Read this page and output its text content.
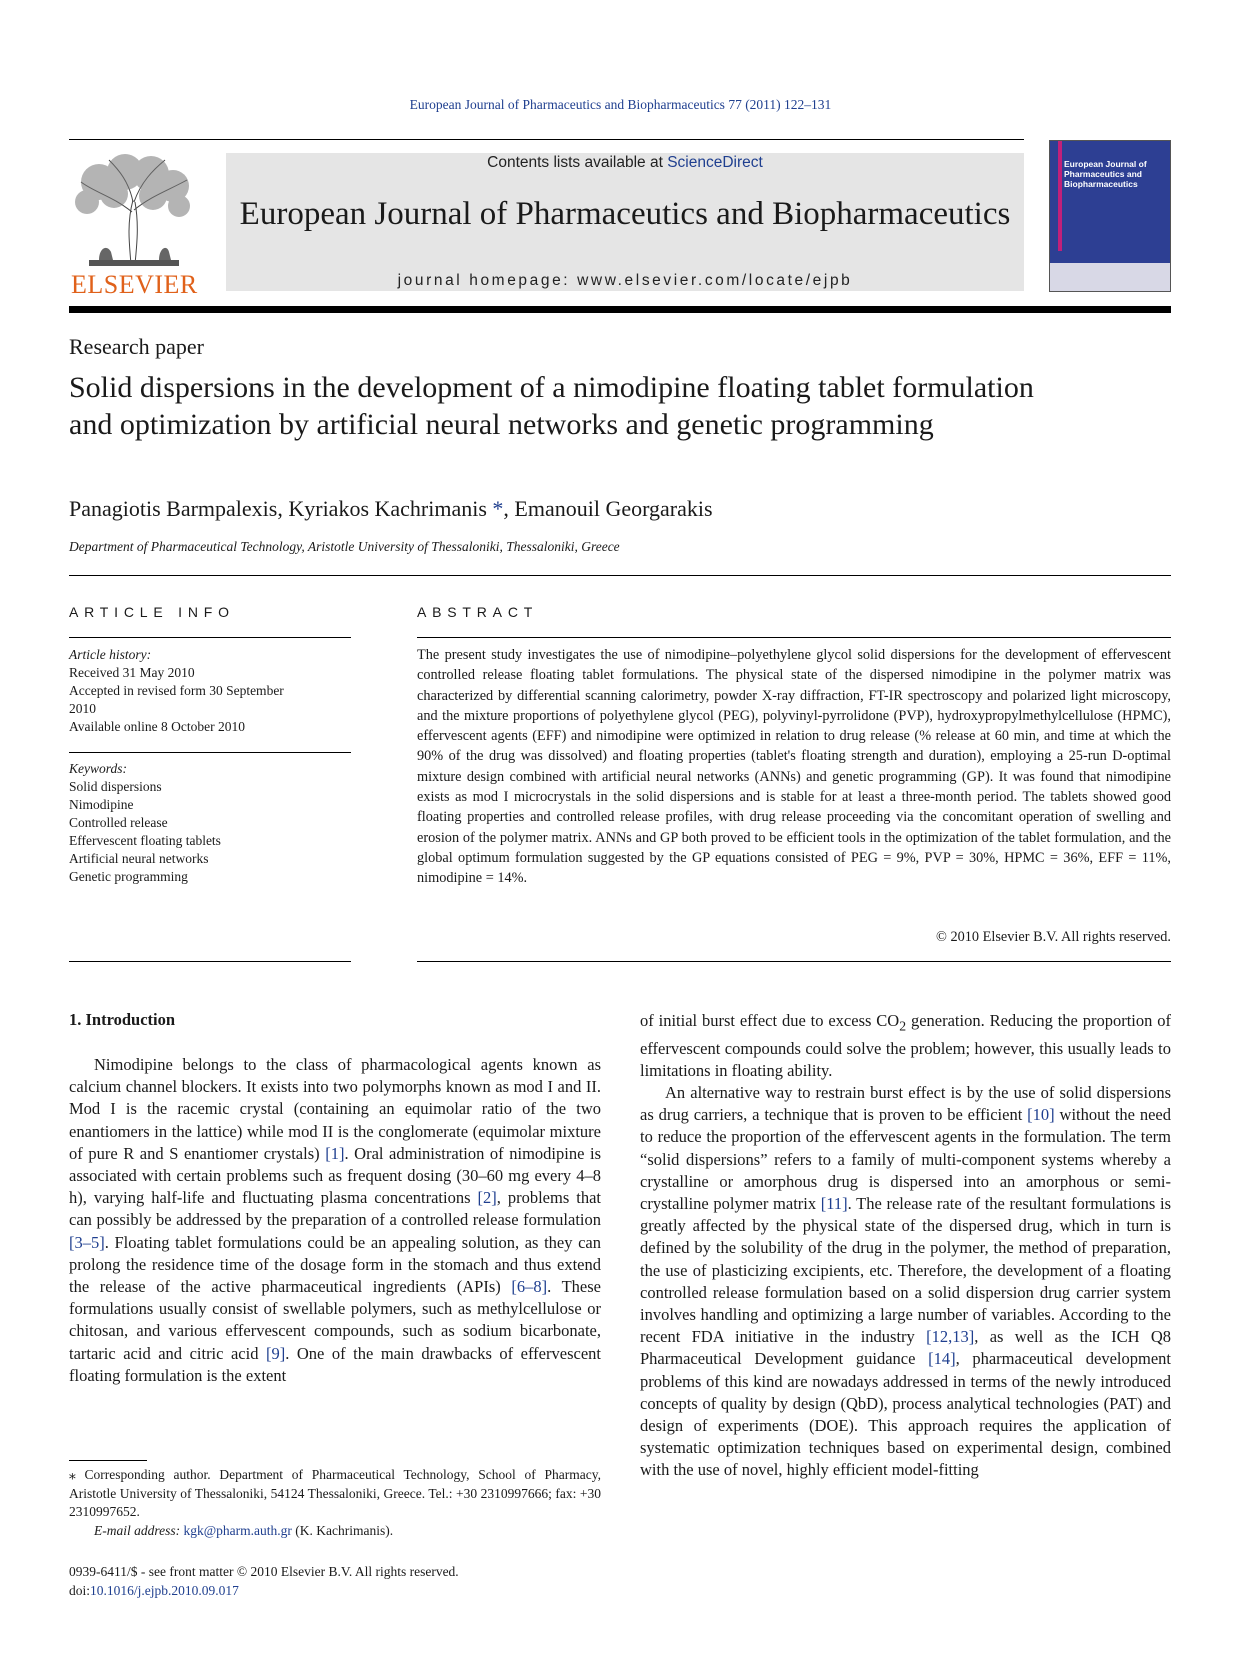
European Journal of Pharmaceutics and Biopharmaceutics 77 (2011) 122–131
ELSEVIER
Contents lists available at ScienceDirect
European Journal of Pharmaceutics and Biopharmaceutics
journal homepage: www.elsevier.com/locate/ejpb
European Journal of Pharmaceutics and Biopharmaceutics
Research paper
Solid dispersions in the development of a nimodipine floating tablet formulation and optimization by artificial neural networks and genetic programming
Panagiotis Barmpalexis, Kyriakos Kachrimanis *, Emanouil Georgarakis
Department of Pharmaceutical Technology, Aristotle University of Thessaloniki, Thessaloniki, Greece
ARTICLE INFO
Article history:
Received 31 May 2010
Accepted in revised form 30 September
2010
Available online 8 October 2010
Keywords:
Solid dispersions
Nimodipine
Controlled release
Effervescent floating tablets
Artificial neural networks
Genetic programming
ABSTRACT
The present study investigates the use of nimodipine–polyethylene glycol solid dispersions for the development of effervescent controlled release floating tablet formulations. The physical state of the dispersed nimodipine in the polymer matrix was characterized by differential scanning calorimetry, powder X-ray diffraction, FT-IR spectroscopy and polarized light microscopy, and the mixture proportions of polyethylene glycol (PEG), polyvinyl-pyrrolidone (PVP), hydroxypropylmethylcellulose (HPMC), effervescent agents (EFF) and nimodipine were optimized in relation to drug release (% release at 60 min, and time at which the 90% of the drug was dissolved) and floating properties (tablet's floating strength and duration), employing a 25-run D-optimal mixture design combined with artificial neural networks (ANNs) and genetic programming (GP). It was found that nimodipine exists as mod I microcrystals in the solid dispersions and is stable for at least a three-month period. The tablets showed good floating properties and controlled release profiles, with drug release proceeding via the concomitant operation of swelling and erosion of the polymer matrix. ANNs and GP both proved to be efficient tools in the optimization of the tablet formulation, and the global optimum formulation suggested by the GP equations consisted of PEG = 9%, PVP = 30%, HPMC = 36%, EFF = 11%, nimodipine = 14%.
© 2010 Elsevier B.V. All rights reserved.
1. Introduction

Nimodipine belongs to the class of pharmacological agents known as calcium channel blockers. It exists into two polymorphs known as mod I and II. Mod I is the racemic crystal (containing an equimolar ratio of the two enantiomers in the lattice) while mod II is the conglomerate (equimolar mixture of pure R and S enantiomer crystals) [1]. Oral administration of nimodipine is associated with certain problems such as frequent dosing (30–60 mg every 4–8 h), varying half-life and fluctuating plasma concentrations [2], problems that can possibly be addressed by the preparation of a controlled release formulation [3–5]. Floating tablet formulations could be an appealing solution, as they can prolong the residence time of the dosage form in the stomach and thus extend the release of the active pharmaceutical ingredients (APIs) [6–8]. These formulations usually consist of swellable polymers, such as methylcellulose or chitosan, and various effervescent compounds, such as sodium bicarbonate, tartaric acid and citric acid [9]. One of the main drawbacks of effervescent floating formulation is the extent

of initial burst effect due to excess $CO_2$ generation. Reducing the proportion of effervescent compounds could solve the problem; however, this usually leads to limitations in floating ability.

An alternative way to restrain burst effect is by the use of solid dispersions as drug carriers, a technique that is proven to be efficient [10] without the need to reduce the proportion of the effervescent agents in the formulation. The term “solid dispersions” refers to a family of multi-component systems whereby a crystalline or amorphous drug is dispersed into an amorphous or semi-crystalline polymer matrix [11]. The release rate of the resultant formulations is greatly affected by the physical state of the dispersed drug, which in turn is defined by the solubility of the drug in the polymer, the method of preparation, the use of plasticizing excipients, etc. Therefore, the development of a floating controlled release formulation based on a solid dispersion drug carrier system involves handling and optimizing a large number of variables. According to the recent FDA initiative in the industry [12,13], as well as the ICH Q8 Pharmaceutical Development guidance [14], pharmaceutical development problems of this kind are nowadays addressed in terms of the newly introduced concepts of quality by design (QbD), process analytical technologies (PAT) and design of experiments (DOE). This approach requires the application of systematic optimization techniques based on experimental design, combined with the use of novel, highly efficient model-fitting

⁎ Corresponding author. Department of Pharmaceutical Technology, School of Pharmacy, Aristotle University of Thessaloniki, 54124 Thessaloniki, Greece. Tel.: +30 2310997666; fax: +30 2310997652.
E-mail address: kgk@pharm.auth.gr (K. Kachrimanis).
0939-6411/$ - see front matter © 2010 Elsevier B.V. All rights reserved.
doi:10.1016/j.ejpb.2010.09.017
